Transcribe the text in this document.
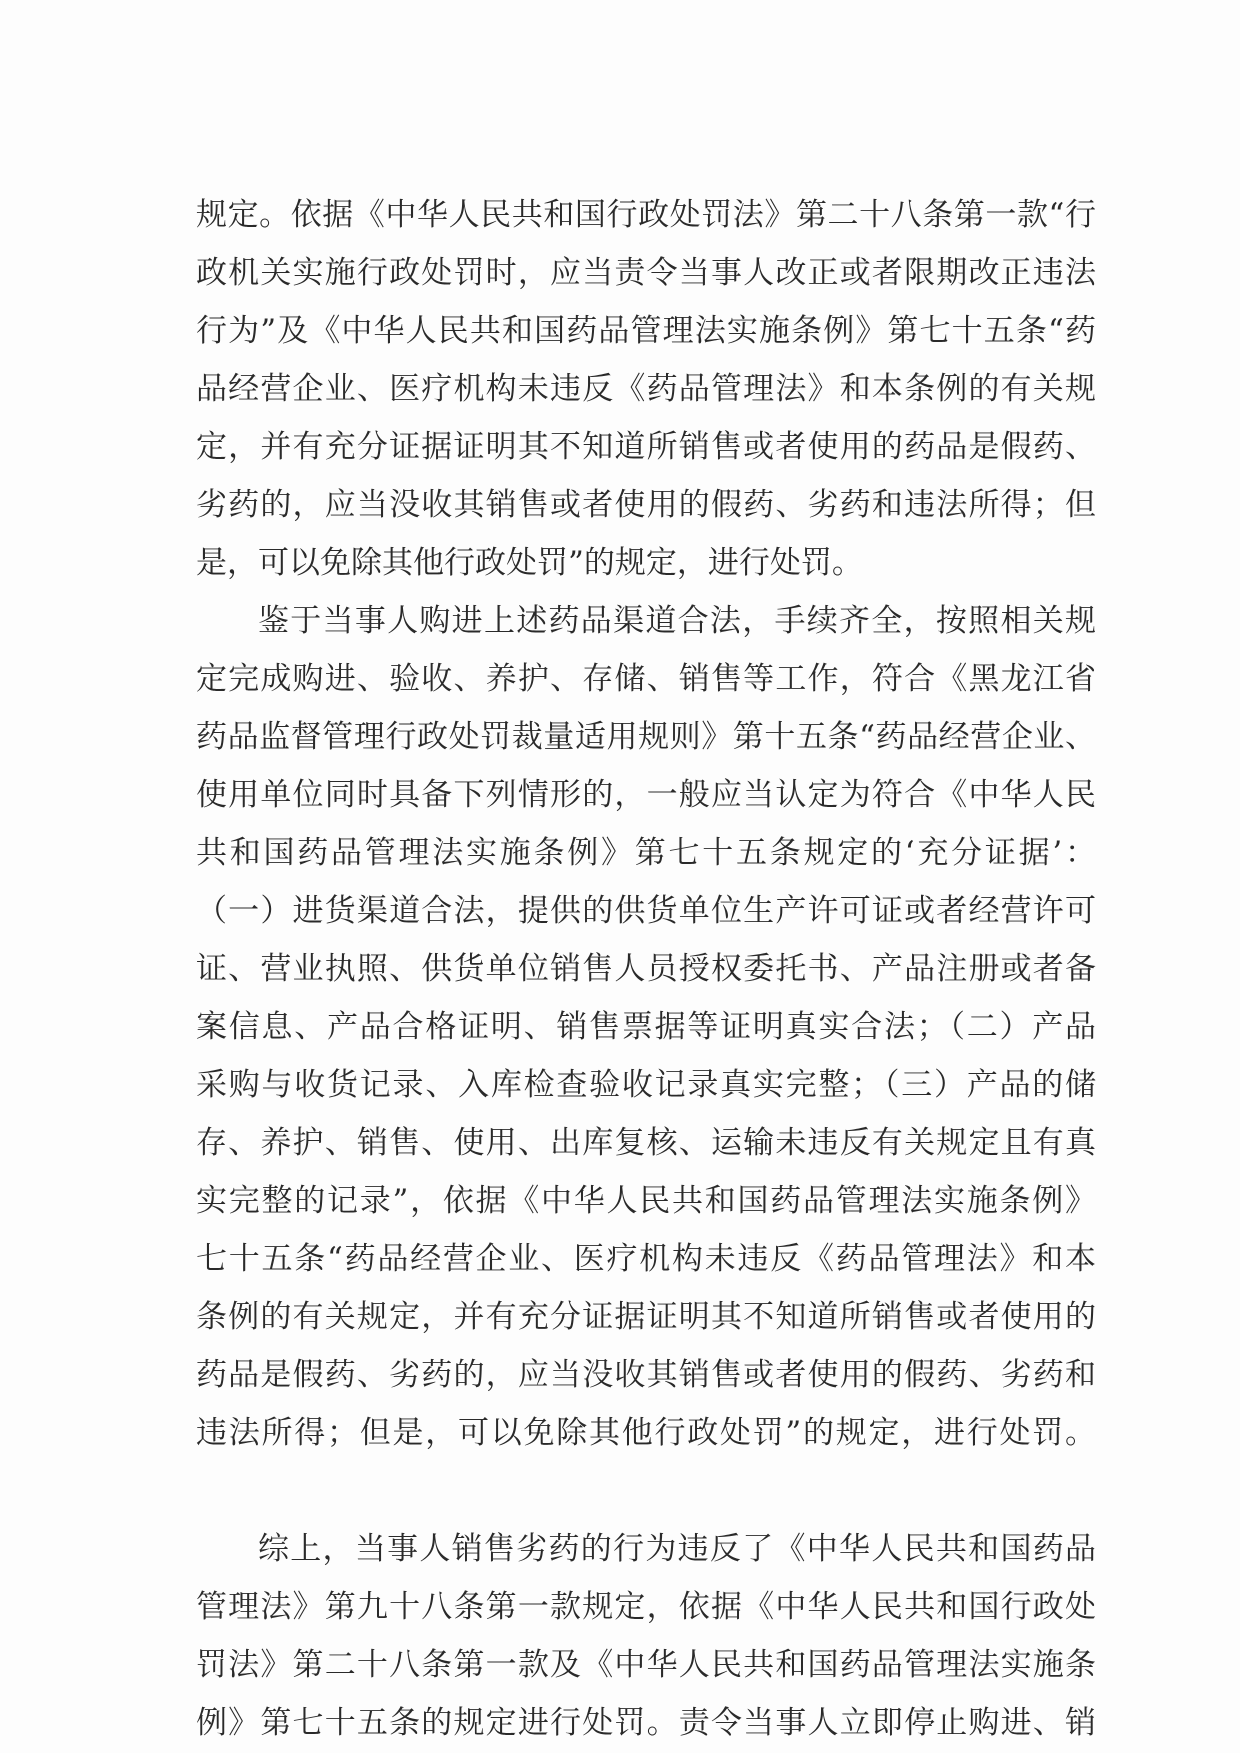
规定。依据《中华人民共和国行政处罚法》第二十八条第一款“行
政机关实施行政处罚时，应当责令当事人改正或者限期改正违法
行为”及《中华人民共和国药品管理法实施条例》第七十五条“药
品经营企业、医疗机构未违反《药品管理法》和本条例的有关规
定，并有充分证据证明其不知道所销售或者使用的药品是假药、
劣药的，应当没收其销售或者使用的假药、劣药和违法所得；但
是，可以免除其他行政处罚”的规定，进行处罚。
鉴于当事人购进上述药品渠道合法，手续齐全，按照相关规
定完成购进、验收、养护、存储、销售等工作，符合《黑龙江省
药品监督管理行政处罚裁量适用规则》第十五条“药品经营企业、
使用单位同时具备下列情形的，一般应当认定为符合《中华人民
共和国药品管理法实施条例》第七十五条规定的‘充分证据’：
（一）进货渠道合法，提供的供货单位生产许可证或者经营许可
证、营业执照、供货单位销售人员授权委托书、产品注册或者备
案信息、产品合格证明、销售票据等证明真实合法；（二）产品
采购与收货记录、入库检查验收记录真实完整；（三）产品的储
存、养护、销售、使用、出库复核、运输未违反有关规定且有真
实完整的记录”，依据《中华人民共和国药品管理法实施条例》
七十五条“药品经营企业、医疗机构未违反《药品管理法》和本
条例的有关规定，并有充分证据证明其不知道所销售或者使用的
药品是假药、劣药的，应当没收其销售或者使用的假药、劣药和
违法所得；但是，可以免除其他行政处罚”的规定，进行处罚。
综上，当事人销售劣药的行为违反了《中华人民共和国药品
管理法》第九十八条第一款规定，依据《中华人民共和国行政处
罚法》第二十八条第一款及《中华人民共和国药品管理法实施条
例》第七十五条的规定进行处罚。责令当事人立即停止购进、销
